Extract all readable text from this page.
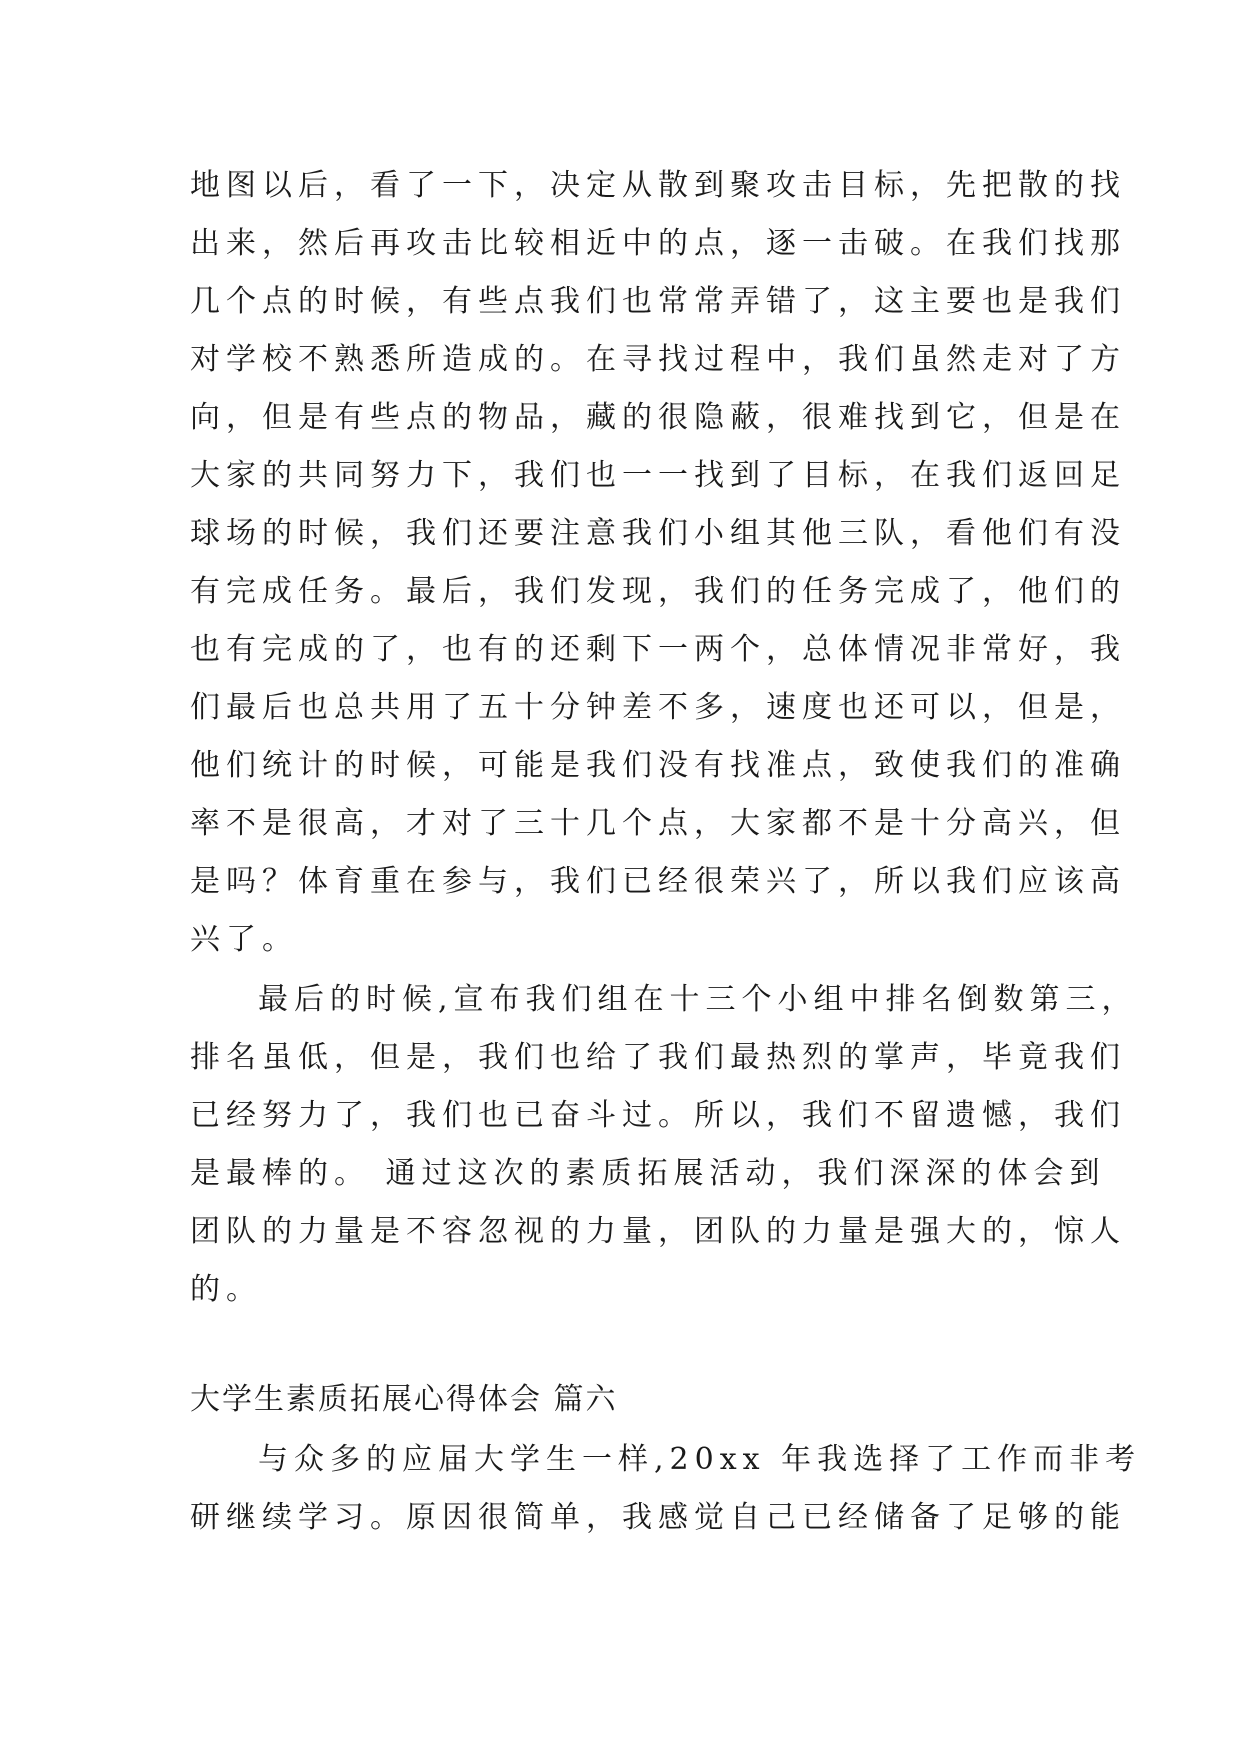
地图以后，看了一下，决定从散到聚攻击目标，先把散的找
出来，然后再攻击比较相近中的点，逐一击破。在我们找那
几个点的时候，有些点我们也常常弄错了，这主要也是我们
对学校不熟悉所造成的。在寻找过程中，我们虽然走对了方
向，但是有些点的物品，藏的很隐蔽，很难找到它，但是在
大家的共同努力下，我们也一一找到了目标，在我们返回足
球场的时候，我们还要注意我们小组其他三队，看他们有没
有完成任务。最后，我们发现，我们的任务完成了，他们的
也有完成的了，也有的还剩下一两个，总体情况非常好，我
们最后也总共用了五十分钟差不多，速度也还可以，但是，
他们统计的时候，可能是我们没有找准点，致使我们的准确
率不是很高，才对了三十几个点，大家都不是十分高兴，但
是吗？体育重在参与，我们已经很荣兴了，所以我们应该高
兴了。
最后的时候,宣布我们组在十三个小组中排名倒数第三，
排名虽低，但是，我们也给了我们最热烈的掌声，毕竟我们
已经努力了，我们也已奋斗过。所以，我们不留遗憾，我们
是最棒的。 通过这次的素质拓展活动，我们深深的体会到
团队的力量是不容忽视的力量，团队的力量是强大的，惊人
的。
大学生素质拓展心得体会 篇六
与众多的应届大学生一样,20xx 年我选择了工作而非考
研继续学习。原因很简单，我感觉自己已经储备了足够的能
